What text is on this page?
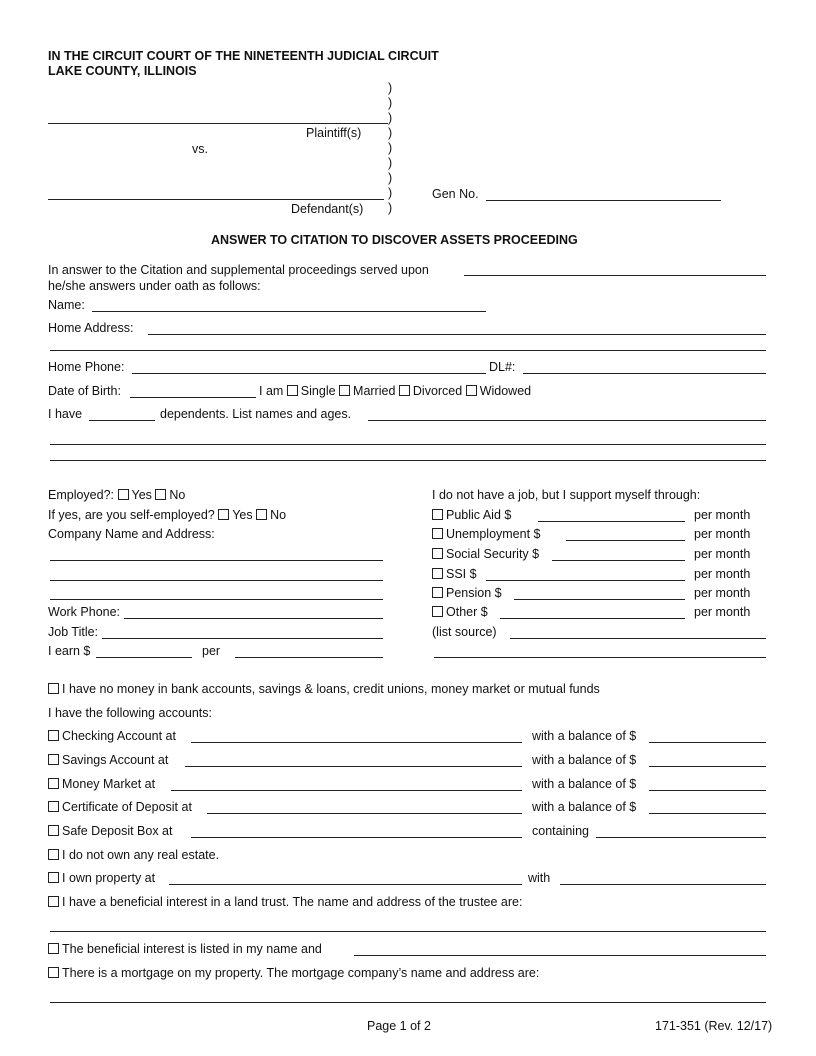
IN THE CIRCUIT COURT OF THE NINETEENTH JUDICIAL CIRCUIT
LAKE COUNTY, ILLINOIS
)
)
)
)
)
)
)
)
)
Plaintiff(s)
vs.
Defendant(s)
Gen No.
ANSWER TO CITATION TO DISCOVER ASSETS PROCEEDING
In answer to the Citation and supplemental proceedings served upon
he/she answers under oath as follows:
Name:
Home Address:
Home Phone:	DL#:
Date of Birth:	I am Single Married Divorced Widowed
I have	dependents. List names and ages.
Employed?: Yes No
If yes, are you self-employed? Yes No
Company Name and Address:
Work Phone:
Job Title:
I earn $	per
I do not have a job, but I support myself through:
Public Aid $	per month
Unemployment $	per month
Social Security $	per month
SSI $	per month
Pension $	per month
Other $	per month
(list source)
I have no money in bank accounts, savings & loans, credit unions, money market or mutual funds
I have the following accounts:
Checking Account at	with a balance of $
Savings Account at	with a balance of $
Money Market at	with a balance of $
Certificate of Deposit at	with a balance of $
Safe Deposit Box at	containing
I do not own any real estate.
I own property at	with
I have a beneficial interest in a land trust. The name and address of the trustee are:
The beneficial interest is listed in my name and
There is a mortgage on my property. The mortgage company’s name and address are:
Page 1 of 2	171-351 (Rev. 12/17)
